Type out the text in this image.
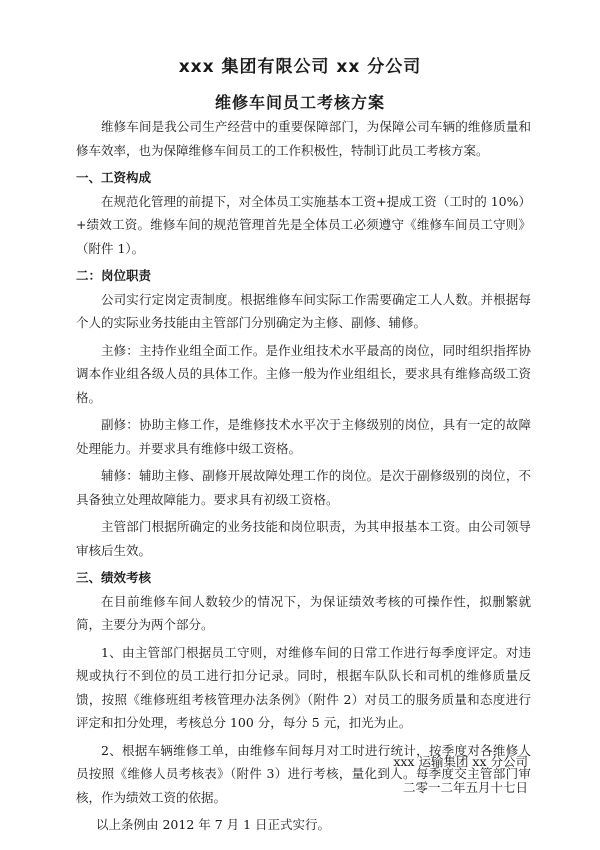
xxx 集团有限公司 xx 分公司
维修车间员工考核方案

维修车间是我公司生产经营中的重要保障部门，为保障公司车辆的维修质量和修车效率，也为保障维修车间员工的工作积极性，特制订此员工考核方案。

一、工资构成

在规范化管理的前提下，对全体员工实施基本工资+提成工资（工时的 10%）+绩效工资。维修车间的规范管理首先是全体员工必须遵守《维修车间员工守则》（附件 1）。

二：岗位职责

公司实行定岗定责制度。根据维修车间实际工作需要确定工人人数。并根据每个人的实际业务技能由主管部门分别确定为主修、副修、辅修。

主修：主持作业组全面工作。是作业组技术水平最高的岗位，同时组织指挥协调本作业组各级人员的具体工作。主修一般为作业组组长，要求具有维修高级工资格。

副修：协助主修工作，是维修技术水平次于主修级别的岗位，具有一定的故障处理能力。并要求具有维修中级工资格。

辅修：辅助主修、副修开展故障处理工作的岗位。是次于副修级别的岗位，不具备独立处理故障能力。要求具有初级工资格。

主管部门根据所确定的业务技能和岗位职责，为其申报基本工资。由公司领导审核后生效。

三、绩效考核

在目前维修车间人数较少的情况下，为保证绩效考核的可操作性，拟删繁就简，主要分为两个部分。

1、由主管部门根据员工守则，对维修车间的日常工作进行每季度评定。对违规或执行不到位的员工进行扣分记录。同时，根据车队队长和司机的维修质量反馈，按照《维修班组考核管理办法条例》（附件 2）对员工的服务质量和态度进行评定和扣分处理，考核总分 100 分，每分 5 元，扣光为止。

2、根据车辆维修工单，由维修车间每月对工时进行统计，按季度对各维修人员按照《维修人员考核表》（附件 3）进行考核，量化到人。每季度交主管部门审核，作为绩效工资的依据。

以上条例由 2012 年 7 月 1 日正式实行。

xxx 运输集团 xx 分公司
二零一二年五月十七日
